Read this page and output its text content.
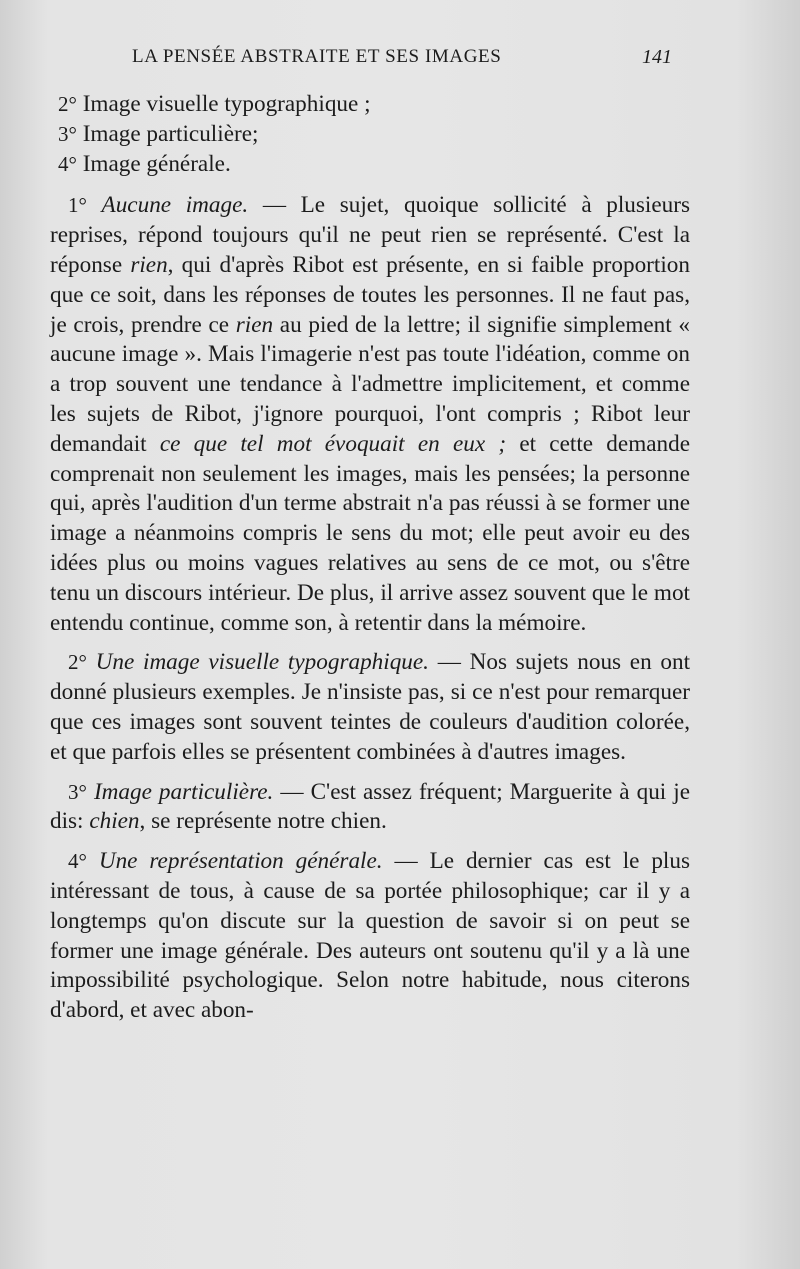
LA PENSÉE ABSTRAITE ET SES IMAGES	141
2° Image visuelle typographique ;
3° Image particulière;
4° Image générale.

1° Aucune image. — Le sujet, quoique sollicité à plusieurs reprises, répond toujours qu'il ne peut rien se représenté. C'est la réponse rien, qui d'après Ribot est présente, en si faible proportion que ce soit, dans les réponses de toutes les personnes. Il ne faut pas, je crois, prendre ce rien au pied de la lettre; il signifie simplement « aucune image ». Mais l'imagerie n'est pas toute l'idéation, comme on a trop souvent une tendance à l'admettre implicitement, et comme les sujets de Ribot, j'ignore pourquoi, l'ont compris ; Ribot leur demandait ce que tel mot évoquait en eux ; et cette demande comprenait non seulement les images, mais les pensées; la personne qui, après l'audition d'un terme abstrait n'a pas réussi à se former une image a néanmoins compris le sens du mot; elle peut avoir eu des idées plus ou moins vagues relatives au sens de ce mot, ou s'être tenu un discours intérieur. De plus, il arrive assez souvent que le mot entendu continue, comme son, à retentir dans la mémoire.

2° Une image visuelle typographique. — Nos sujets nous en ont donné plusieurs exemples. Je n'insiste pas, si ce n'est pour remarquer que ces images sont souvent teintes de couleurs d'audition colorée, et que parfois elles se présentent combinées à d'autres images.

3° Image particulière. — C'est assez fréquent; Marguerite à qui je dis: chien, se représente notre chien.

4° Une représentation générale. — Le dernier cas est le plus intéressant de tous, à cause de sa portée philosophique; car il y a longtemps qu'on discute sur la question de savoir si on peut se former une image générale. Des auteurs ont soutenu qu'il y a là une impossibilité psychologique. Selon notre habitude, nous citerons d'abord, et avec abon-
